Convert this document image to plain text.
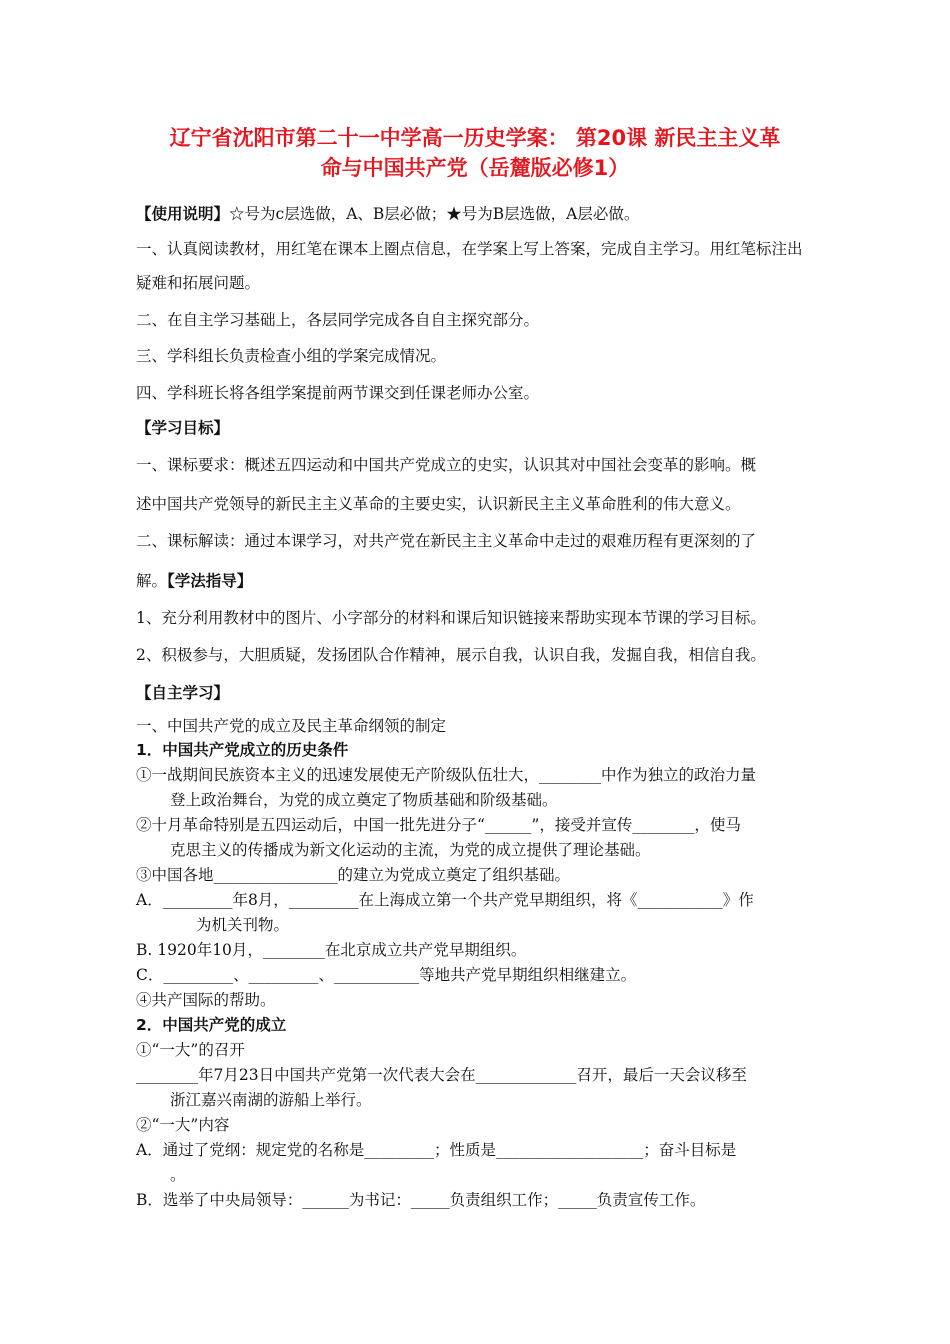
辽宁省沈阳市第二十一中学高一历史学案： 第20课 新民主主义革
命与中国共产党（岳麓版必修1）
【使用说明】☆号为c层选做，A、B层必做；★号为B层选做，A层必做。
一、认真阅读教材，用红笔在课本上圈点信息，在学案上写上答案，完成自主学习。用红笔标注出
疑难和拓展问题。
二、在自主学习基础上，各层同学完成各自自主探究部分。
三、学科组长负责检查小组的学案完成情况。
四、学科班长将各组学案提前两节课交到任课老师办公室。
【学习目标】
一、课标要求：概述五四运动和中国共产党成立的史实，认识其对中国社会变革的影响。概
述中国共产党领导的新民主主义革命的主要史实，认识新民主主义革命胜利的伟大意义。
二、课标解读：通过本课学习，对共产党在新民主主义革命中走过的艰难历程有更深刻的了
解。【学法指导】
1、充分利用教材中的图片、小字部分的材料和课后知识链接来帮助实现本节课的学习目标。
2、积极参与，大胆质疑，发扬团队合作精神，展示自我，认识自我，发掘自我，相信自我。
【自主学习】
一、中国共产党的成立及民主革命纲领的制定
1．中国共产党成立的历史条件
①一战期间民族资本主义的迅速发展使无产阶级队伍壮大，________中作为独立的政治力量
登上政治舞台，为党的成立奠定了物质基础和阶级基础。
②十月革命特别是五四运动后，中国一批先进分子“______”，接受并宣传________，使马
克思主义的传播成为新文化运动的主流，为党的成立提供了理论基础。
③中国各地________________的建立为党成立奠定了组织基础。
A．_________年8月，_________在上海成立第一个共产党早期组织，将《___________》作
为机关刊物。
B. 1920年10月，________在北京成立共产党早期组织。
C．_________、_________、___________等地共产党早期组织相继建立。
④共产国际的帮助。
2．中国共产党的成立
①“一大”的召开
________年7月23日中国共产党第一次代表大会在_____________召开，最后一天会议移至
浙江嘉兴南湖的游船上举行。
②“一大”内容
A．通过了党纲：规定党的名称是_________；性质是___________________；奋斗目标是
。
B．选举了中央局领导：______为书记：_____负责组织工作；_____负责宣传工作。
